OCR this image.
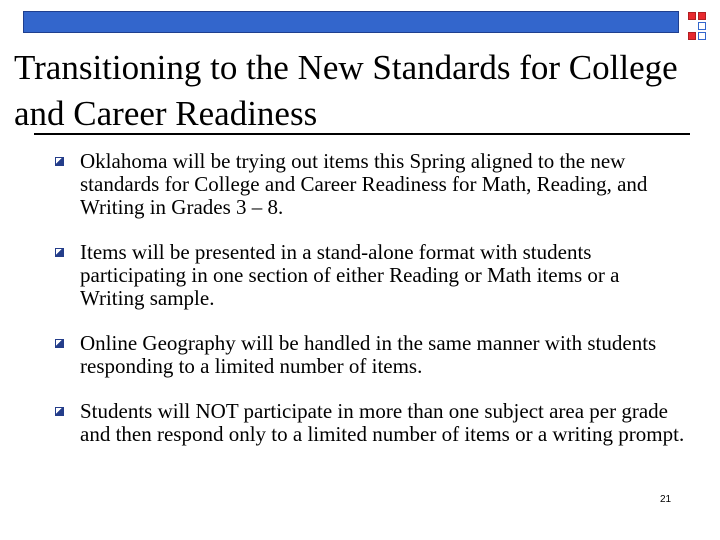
Transitioning to the New Standards for College and Career Readiness
Oklahoma will be trying out items this Spring aligned to the new standards for College and Career Readiness for Math, Reading, and Writing in Grades 3 – 8.
Items will be presented in a stand-alone format with students participating in one section of either Reading or Math items or a Writing sample.
Online Geography will be handled in the same manner with students responding to a limited number of items.
Students will NOT participate in more than one subject area per grade and then respond only to a limited number of items or a writing prompt.
21
